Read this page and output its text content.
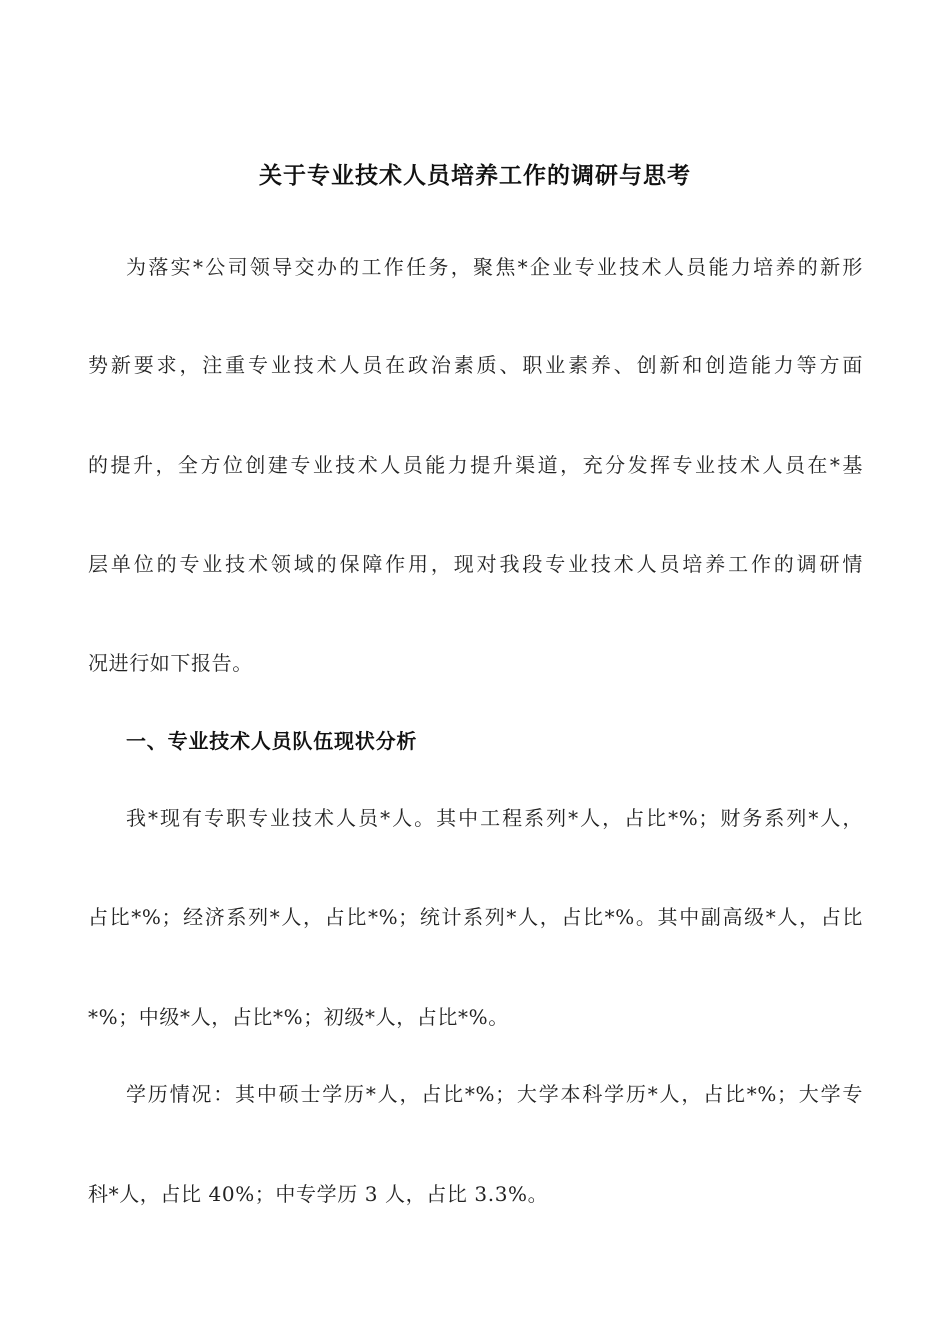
关于专业技术人员培养工作的调研与思考
为落实*公司领导交办的工作任务，聚焦*企业专业技术人员能力培养的新形
势新要求，注重专业技术人员在政治素质、职业素养、创新和创造能力等方面
的提升，全方位创建专业技术人员能力提升渠道，充分发挥专业技术人员在*基
层单位的专业技术领域的保障作用，现对我段专业技术人员培养工作的调研情
况进行如下报告。
一、专业技术人员队伍现状分析
我*现有专职专业技术人员*人。其中工程系列*人，占比*%；财务系列*人，
占比*%；经济系列*人，占比*%；统计系列*人，占比*%。其中副高级*人，占比
*%；中级*人，占比*%；初级*人，占比*%。
学历情况：其中硕士学历*人，占比*%；大学本科学历*人，占比*%；大学专
科*人，占比 40%；中专学历 3 人，占比 3.3%。
